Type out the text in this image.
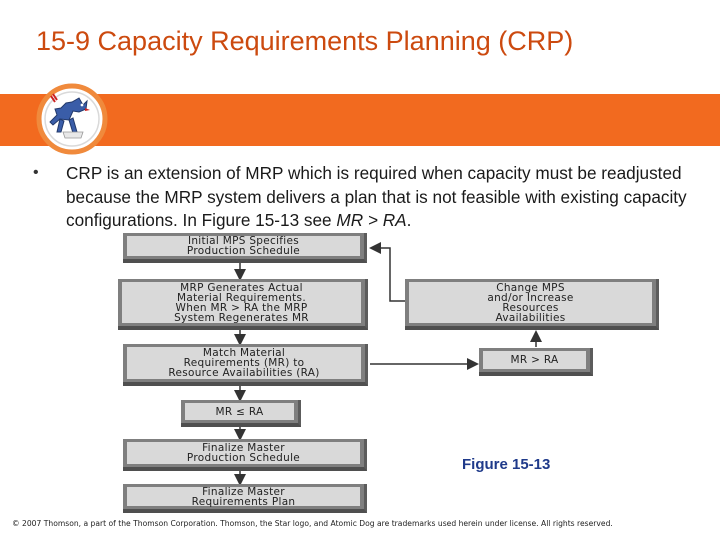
15-9 Capacity Requirements Planning (CRP)
• CRP is an extension of MRP which is required when capacity must be readjusted because the MRP system delivers a plan that is not feasible with existing capacity configurations. In Figure 15-13 see MR > RA.
Initial MPS Specifies
Production Schedule
MRP Generates Actual
Material Requirements.
When MR > RA the MRP
System Regenerates MR
Match Material
Requirements (MR) to
Resource Availabilities (RA)
MR ≤ RA
Finalize Master
Production Schedule
Finalize Master
Requirements Plan
Change MPS
and/or Increase
Resources
Availabilities
MR > RA
Figure 15-13
© 2007 Thomson, a part of the Thomson Corporation. Thomson, the Star logo, and Atomic Dog are trademarks used herein under license. All rights reserved.
